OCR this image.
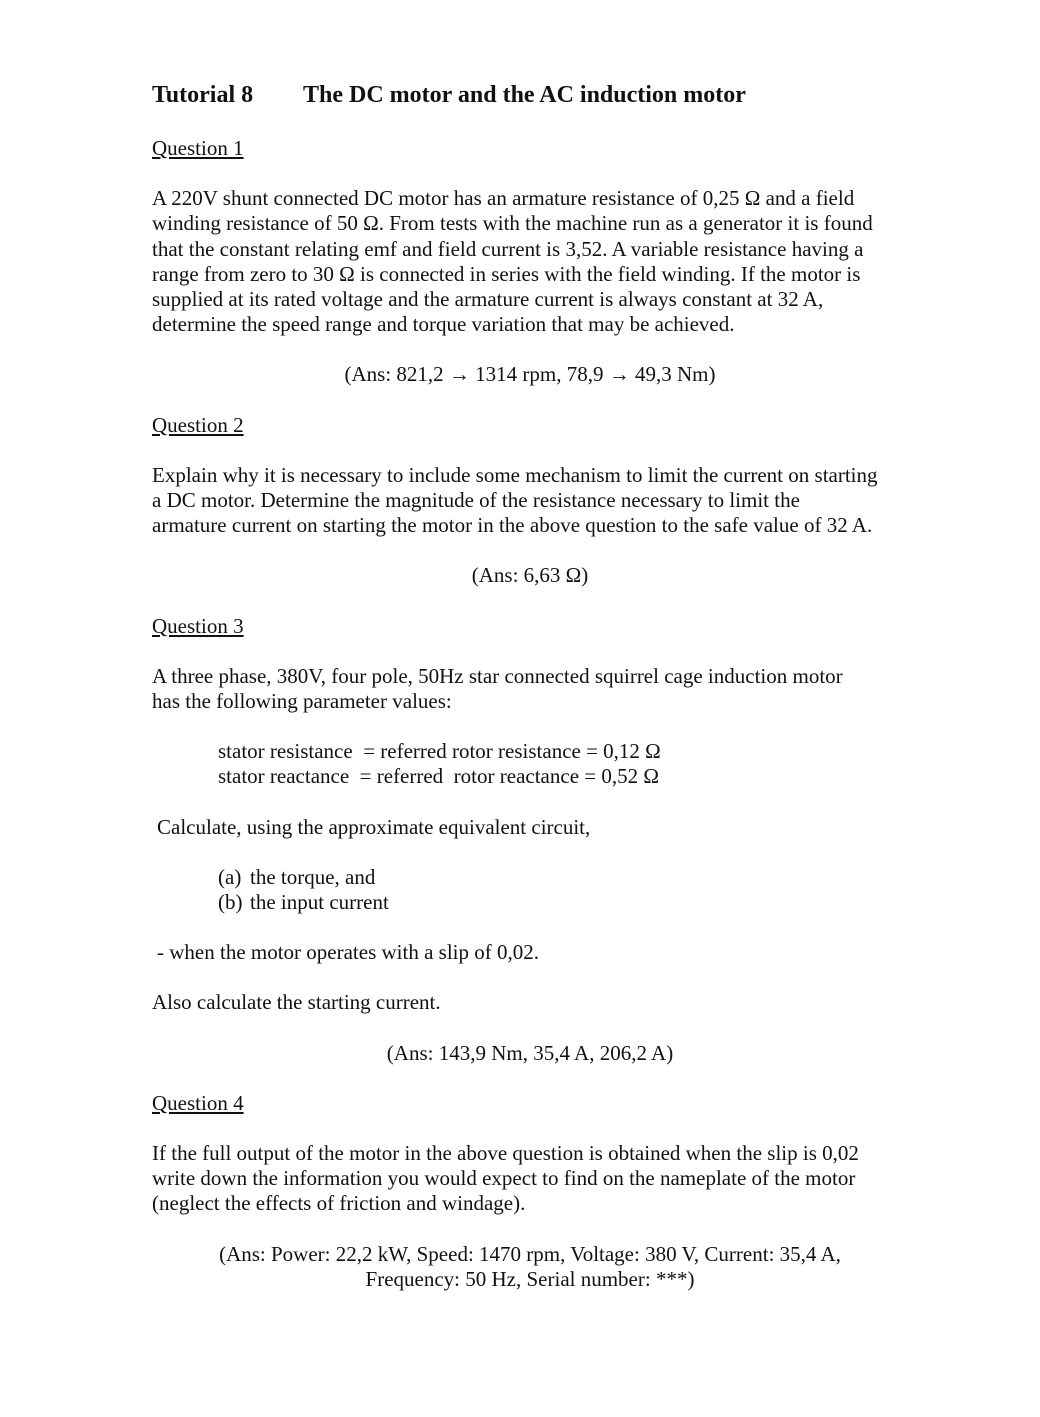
Tutorial 8 The DC motor and the AC induction motor

Question 1

A 220V shunt connected DC motor has an armature resistance of 0,25 Ω and a field
winding resistance of 50 Ω. From tests with the machine run as a generator it is found
that the constant relating emf and field current is 3,52. A variable resistance having a
range from zero to 30 Ω is connected in series with the field winding. If the motor is
supplied at its rated voltage and the armature current is always constant at 32 A,
determine the speed range and torque variation that may be achieved.

(Ans: 821,2 → 1314 rpm, 78,9 → 49,3 Nm)

Question 2

Explain why it is necessary to include some mechanism to limit the current on starting
a DC motor. Determine the magnitude of the resistance necessary to limit the
armature current on starting the motor in the above question to the safe value of 32 A.

(Ans: 6,63 Ω)

Question 3

A three phase, 380V, four pole, 50Hz star connected squirrel cage induction motor
has the following parameter values:

stator resistance  = referred rotor resistance = 0,12 Ω
stator reactance  = referred  rotor reactance = 0,52 Ω

Calculate, using the approximate equivalent circuit,

(a) the torque, and
(b) the input current

- when the motor operates with a slip of 0,02.

Also calculate the starting current.

(Ans: 143,9 Nm, 35,4 A, 206,2 A)

Question 4

If the full output of the motor in the above question is obtained when the slip is 0,02
write down the information you would expect to find on the nameplate of the motor
(neglect the effects of friction and windage).

(Ans: Power: 22,2 kW, Speed: 1470 rpm, Voltage: 380 V, Current: 35,4 A,
Frequency: 50 Hz, Serial number: ***)
